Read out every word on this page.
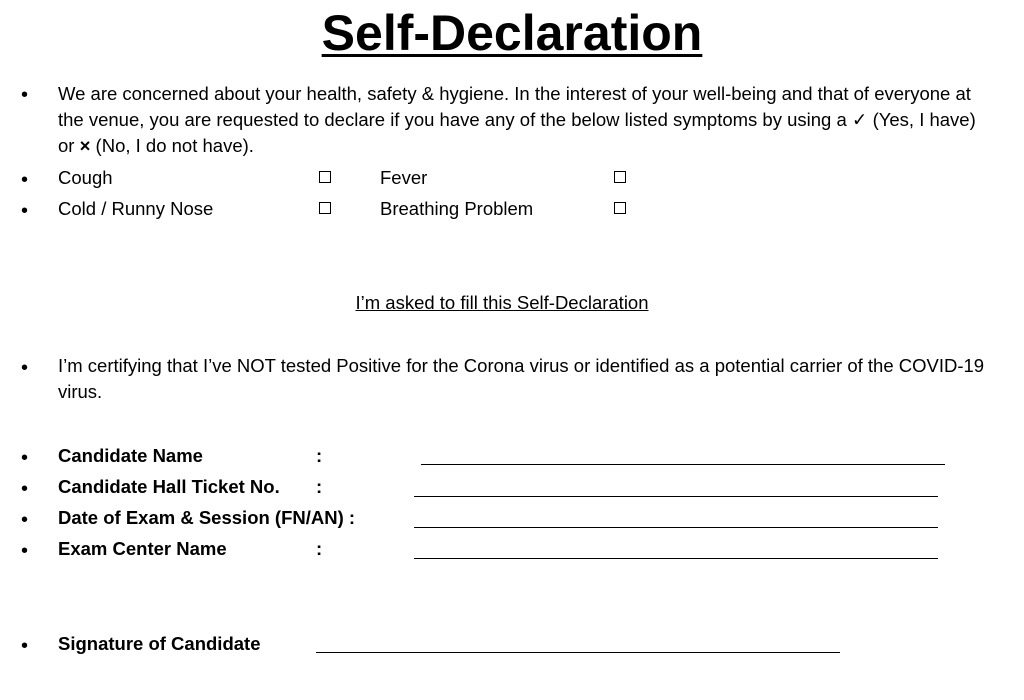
Self-Declaration
• We are concerned about your health, safety & hygiene. In the interest of your well-being and that of everyone at the venue, you are requested to declare if you have any of the below listed symptoms by using a ✓ (Yes, I have) or × (No, I do not have).
• Cough	Fever
• Cold / Runny Nose	Breathing Problem
I’m asked to fill this Self-Declaration
• I’m certifying that I’ve NOT tested Positive for the Corona virus or identified as a potential carrier of the COVID-19 virus.
• Candidate Name	:
• Candidate Hall Ticket No. :
• Date of Exam & Session (FN/AN) :
• Exam Center Name	:
• Signature of Candidate
